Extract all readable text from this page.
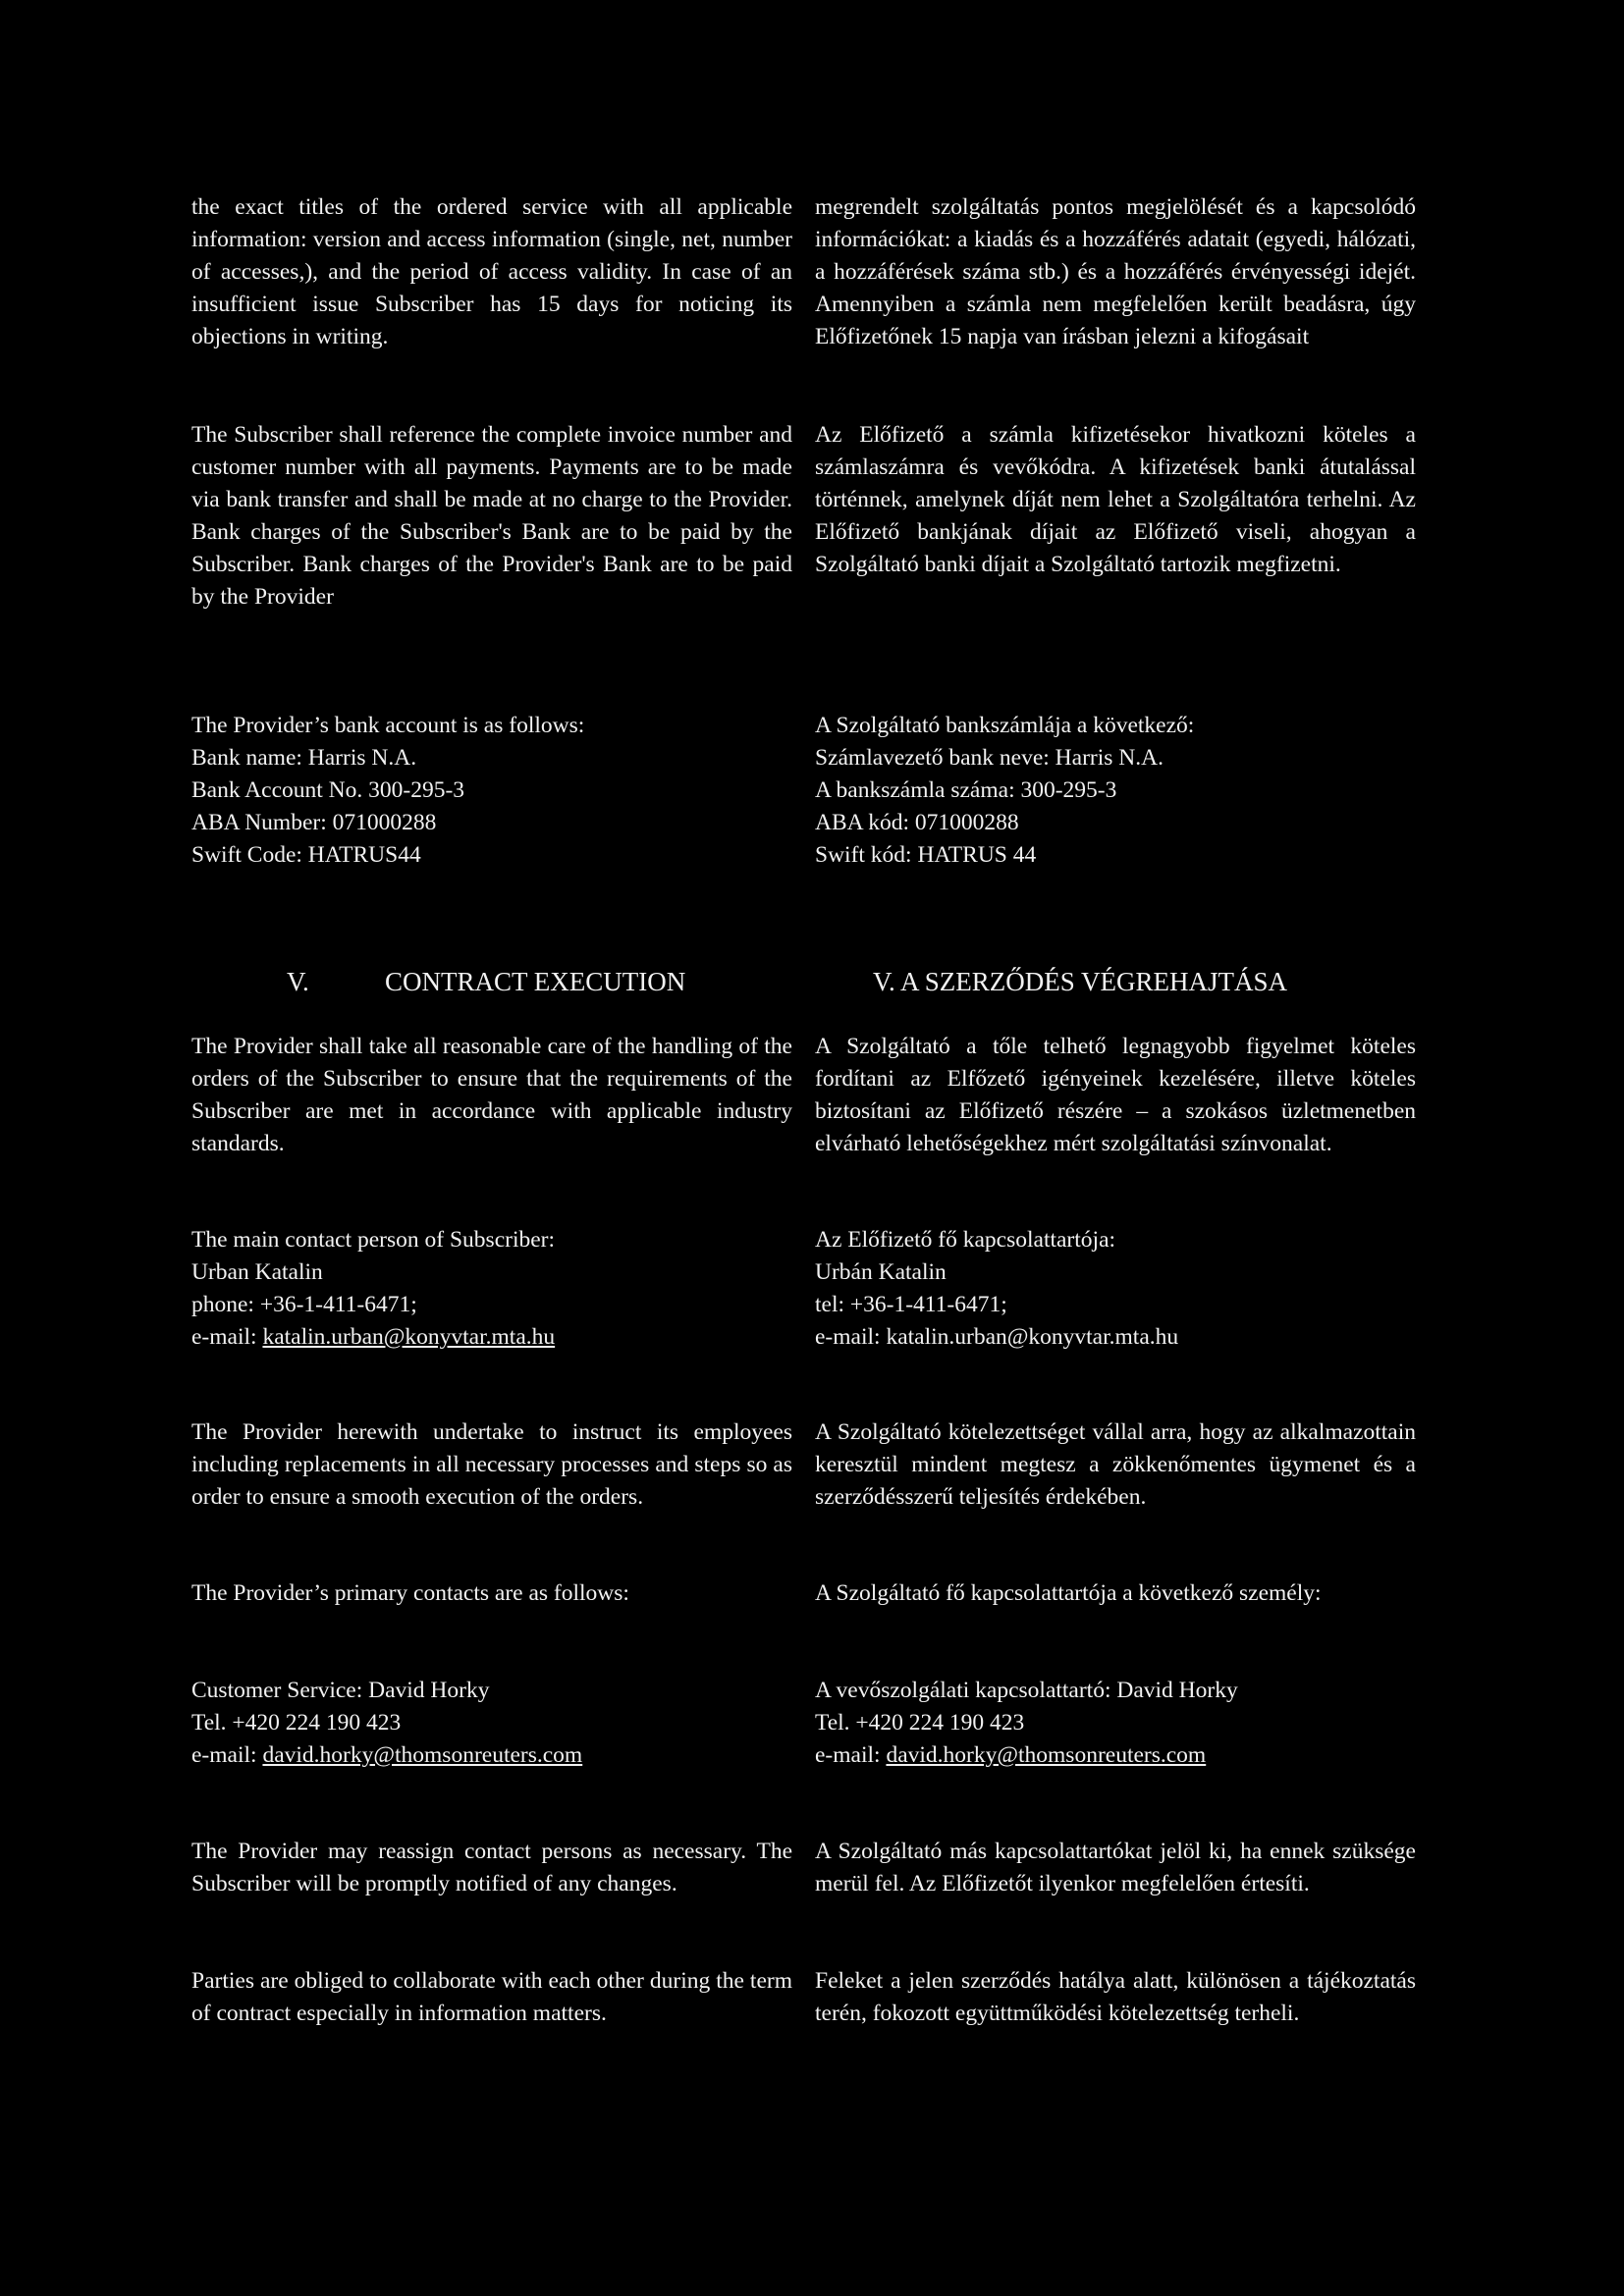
the exact titles of the ordered service with all applicable information: version and access information (single, net, number of accesses,), and the period of access validity. In case of an insufficient issue Subscriber has 15 days for noticing its objections in writing.

megrendelt szolgáltatás pontos megjelölését és a kapcsolódó információkat: a kiadás és a hozzáférés adatait (egyedi, hálózati, a hozzáférések száma stb.) és a hozzáférés érvényességi idejét. Amennyiben a számla nem megfelelően került beadásra, úgy Előfizetőnek 15 napja van írásban jelezni a kifogásait

The Subscriber shall reference the complete invoice number and customer number with all payments. Payments are to be made via bank transfer and shall be made at no charge to the Provider. Bank charges of the Subscriber's Bank are to be paid by the Subscriber. Bank charges of the Provider's Bank are to be paid by the Provider

Az Előfizető a számla kifizetésekor hivatkozni köteles a számlaszámra és vevőkódra. A kifizetések banki átutalással történnek, amelynek díját nem lehet a Szolgáltatóra terhelni. Az Előfizető bankjának díjait az Előfizető viseli, ahogyan a Szolgáltató banki díjait a Szolgáltató tartozik megfizetni.

The Provider’s bank account is as follows:
Bank name: Harris N.A.
Bank Account No. 300-295-3
ABA Number: 071000288
Swift Code: HATRUS44
A Szolgáltató bankszámlája a következő:
Számlavezető bank neve: Harris N.A.
A bankszámla száma: 300-295-3
ABA kód: 071000288
Swift kód: HATRUS 44
V.	CONTRACT EXECUTION	V. A SZERZŐDÉS VÉGREHAJTÁSA

The Provider shall take all reasonable care of the handling of the orders of the Subscriber to ensure that the requirements of the Subscriber are met in accordance with applicable industry standards.

A Szolgáltató a tőle telhető legnagyobb figyelmet köteles fordítani az Elfőzető igényeinek kezelésére, illetve köteles biztosítani az Előfizető részére – a szokásos üzletmenetben elvárható lehetőségekhez mért szolgáltatási színvonalat.

The main contact person of Subscriber:
Urban Katalin
phone: +36-1-411-6471;
e-mail: katalin.urban@konyvtar.mta.hu
Az Előfizető fő kapcsolattartója:
Urbán Katalin
tel: +36-1-411-6471;
e-mail: katalin.urban@konyvtar.mta.hu

The Provider herewith undertake to instruct its employees including replacements in all necessary processes and steps so as order to ensure a smooth execution of the orders.

A Szolgáltató kötelezettséget vállal arra, hogy az alkalmazottain keresztül mindent megtesz a zökkenőmentes ügymenet és a szerződésszerű teljesítés érdekében.

The Provider’s primary contacts are as follows:	A Szolgáltató fő kapcsolattartója a következő személy:

Customer Service: David Horky
Tel. +420 224 190 423
e-mail: david.horky@thomsonreuters.com
A vevőszolgálati kapcsolattartó: David Horky
Tel. +420 224 190 423
e-mail: david.horky@thomsonreuters.com

The Provider may reassign contact persons as necessary. The Subscriber will be promptly notified of any changes.

A Szolgáltató más kapcsolattartókat jelöl ki, ha ennek szüksége merül fel. Az Előfizetőt ilyenkor megfelelően értesíti.

Parties are obliged to collaborate with each other during the term of contract especially in information matters.

Feleket a jelen szerződés hatálya alatt, különösen a tájékoztatás terén, fokozott együttműködési kötelezettség terheli.
